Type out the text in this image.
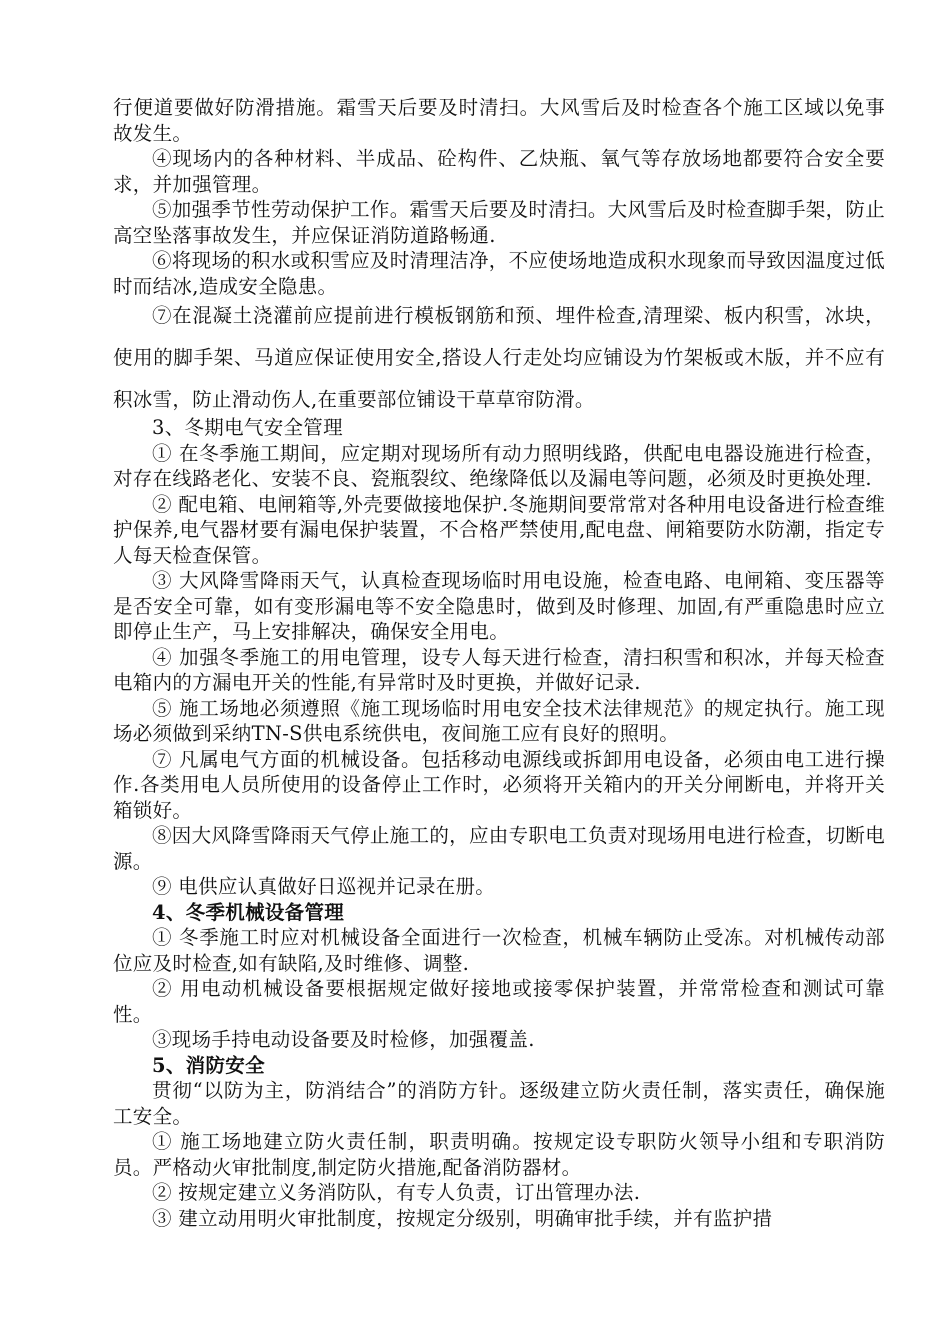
行便道要做好防滑措施。霜雪天后要及时清扫。大风雪后及时检查各个施工区域以免事故发生。

④现场内的各种材料、半成品、砼构件、乙炔瓶、氧气等存放场地都要符合安全要求，并加强管理。

⑤加强季节性劳动保护工作。霜雪天后要及时清扫。大风雪后及时检查脚手架，防止高空坠落事故发生，并应保证消防道路畅通.

⑥将现场的积水或积雪应及时清理洁净，不应使场地造成积水现象而导致因温度过低时而结冰,造成安全隐患。

⑦在混凝土浇灌前应提前进行模板钢筋和预、埋件检查,清理梁、板内积雪，冰块，使用的脚手架、马道应保证使用安全,搭设人行走处均应铺设为竹架板或木版，并不应有积冰雪，防止滑动伤人,在重要部位铺设干草草帘防滑。

3、冬期电气安全管理

① 在冬季施工期间，应定期对现场所有动力照明线路，供配电电器设施进行检查，对存在线路老化、安装不良、瓷瓶裂纹、绝缘降低以及漏电等问题，必须及时更换处理.

② 配电箱、电闸箱等,外壳要做接地保护.冬施期间要常常对各种用电设备进行检查维护保养,电气器材要有漏电保护装置，不合格严禁使用,配电盘、闸箱要防水防潮，指定专人每天检查保管。

③ 大风降雪降雨天气，认真检查现场临时用电设施，检查电路、电闸箱、变压器等是否安全可靠，如有变形漏电等不安全隐患时，做到及时修理、加固,有严重隐患时应立即停止生产，马上安排解决，确保安全用电。

④ 加强冬季施工的用电管理，设专人每天进行检查，清扫积雪和积冰，并每天检查电箱内的方漏电开关的性能,有异常时及时更换，并做好记录.

⑤ 施工场地必须遵照《施工现场临时用电安全技术法律规范》的规定执行。施工现场必须做到采纳TN-S供电系统供电，夜间施工应有良好的照明。

⑦ 凡属电气方面的机械设备。包括移动电源线或拆卸用电设备，必须由电工进行操作.各类用电人员所使用的设备停止工作时，必须将开关箱内的开关分闸断电，并将开关箱锁好。

⑧因大风降雪降雨天气停止施工的，应由专职电工负责对现场用电进行检查，切断电源。

⑨ 电供应认真做好日巡视并记录在册。

4、冬季机械设备管理

① 冬季施工时应对机械设备全面进行一次检查，机械车辆防止受冻。对机械传动部位应及时检查,如有缺陷,及时维修、调整.

② 用电动机械设备要根据规定做好接地或接零保护装置，并常常检查和测试可靠性。

③现场手持电动设备要及时检修，加强覆盖.

5、消防安全

贯彻“以防为主，防消结合”的消防方针。逐级建立防火责任制，落实责任，确保施工安全。

① 施工场地建立防火责任制，职责明确。按规定设专职防火领导小组和专职消防员。严格动火审批制度,制定防火措施,配备消防器材。

② 按规定建立义务消防队，有专人负责，订出管理办法.

③ 建立动用明火审批制度，按规定分级别，明确审批手续，并有监护措
